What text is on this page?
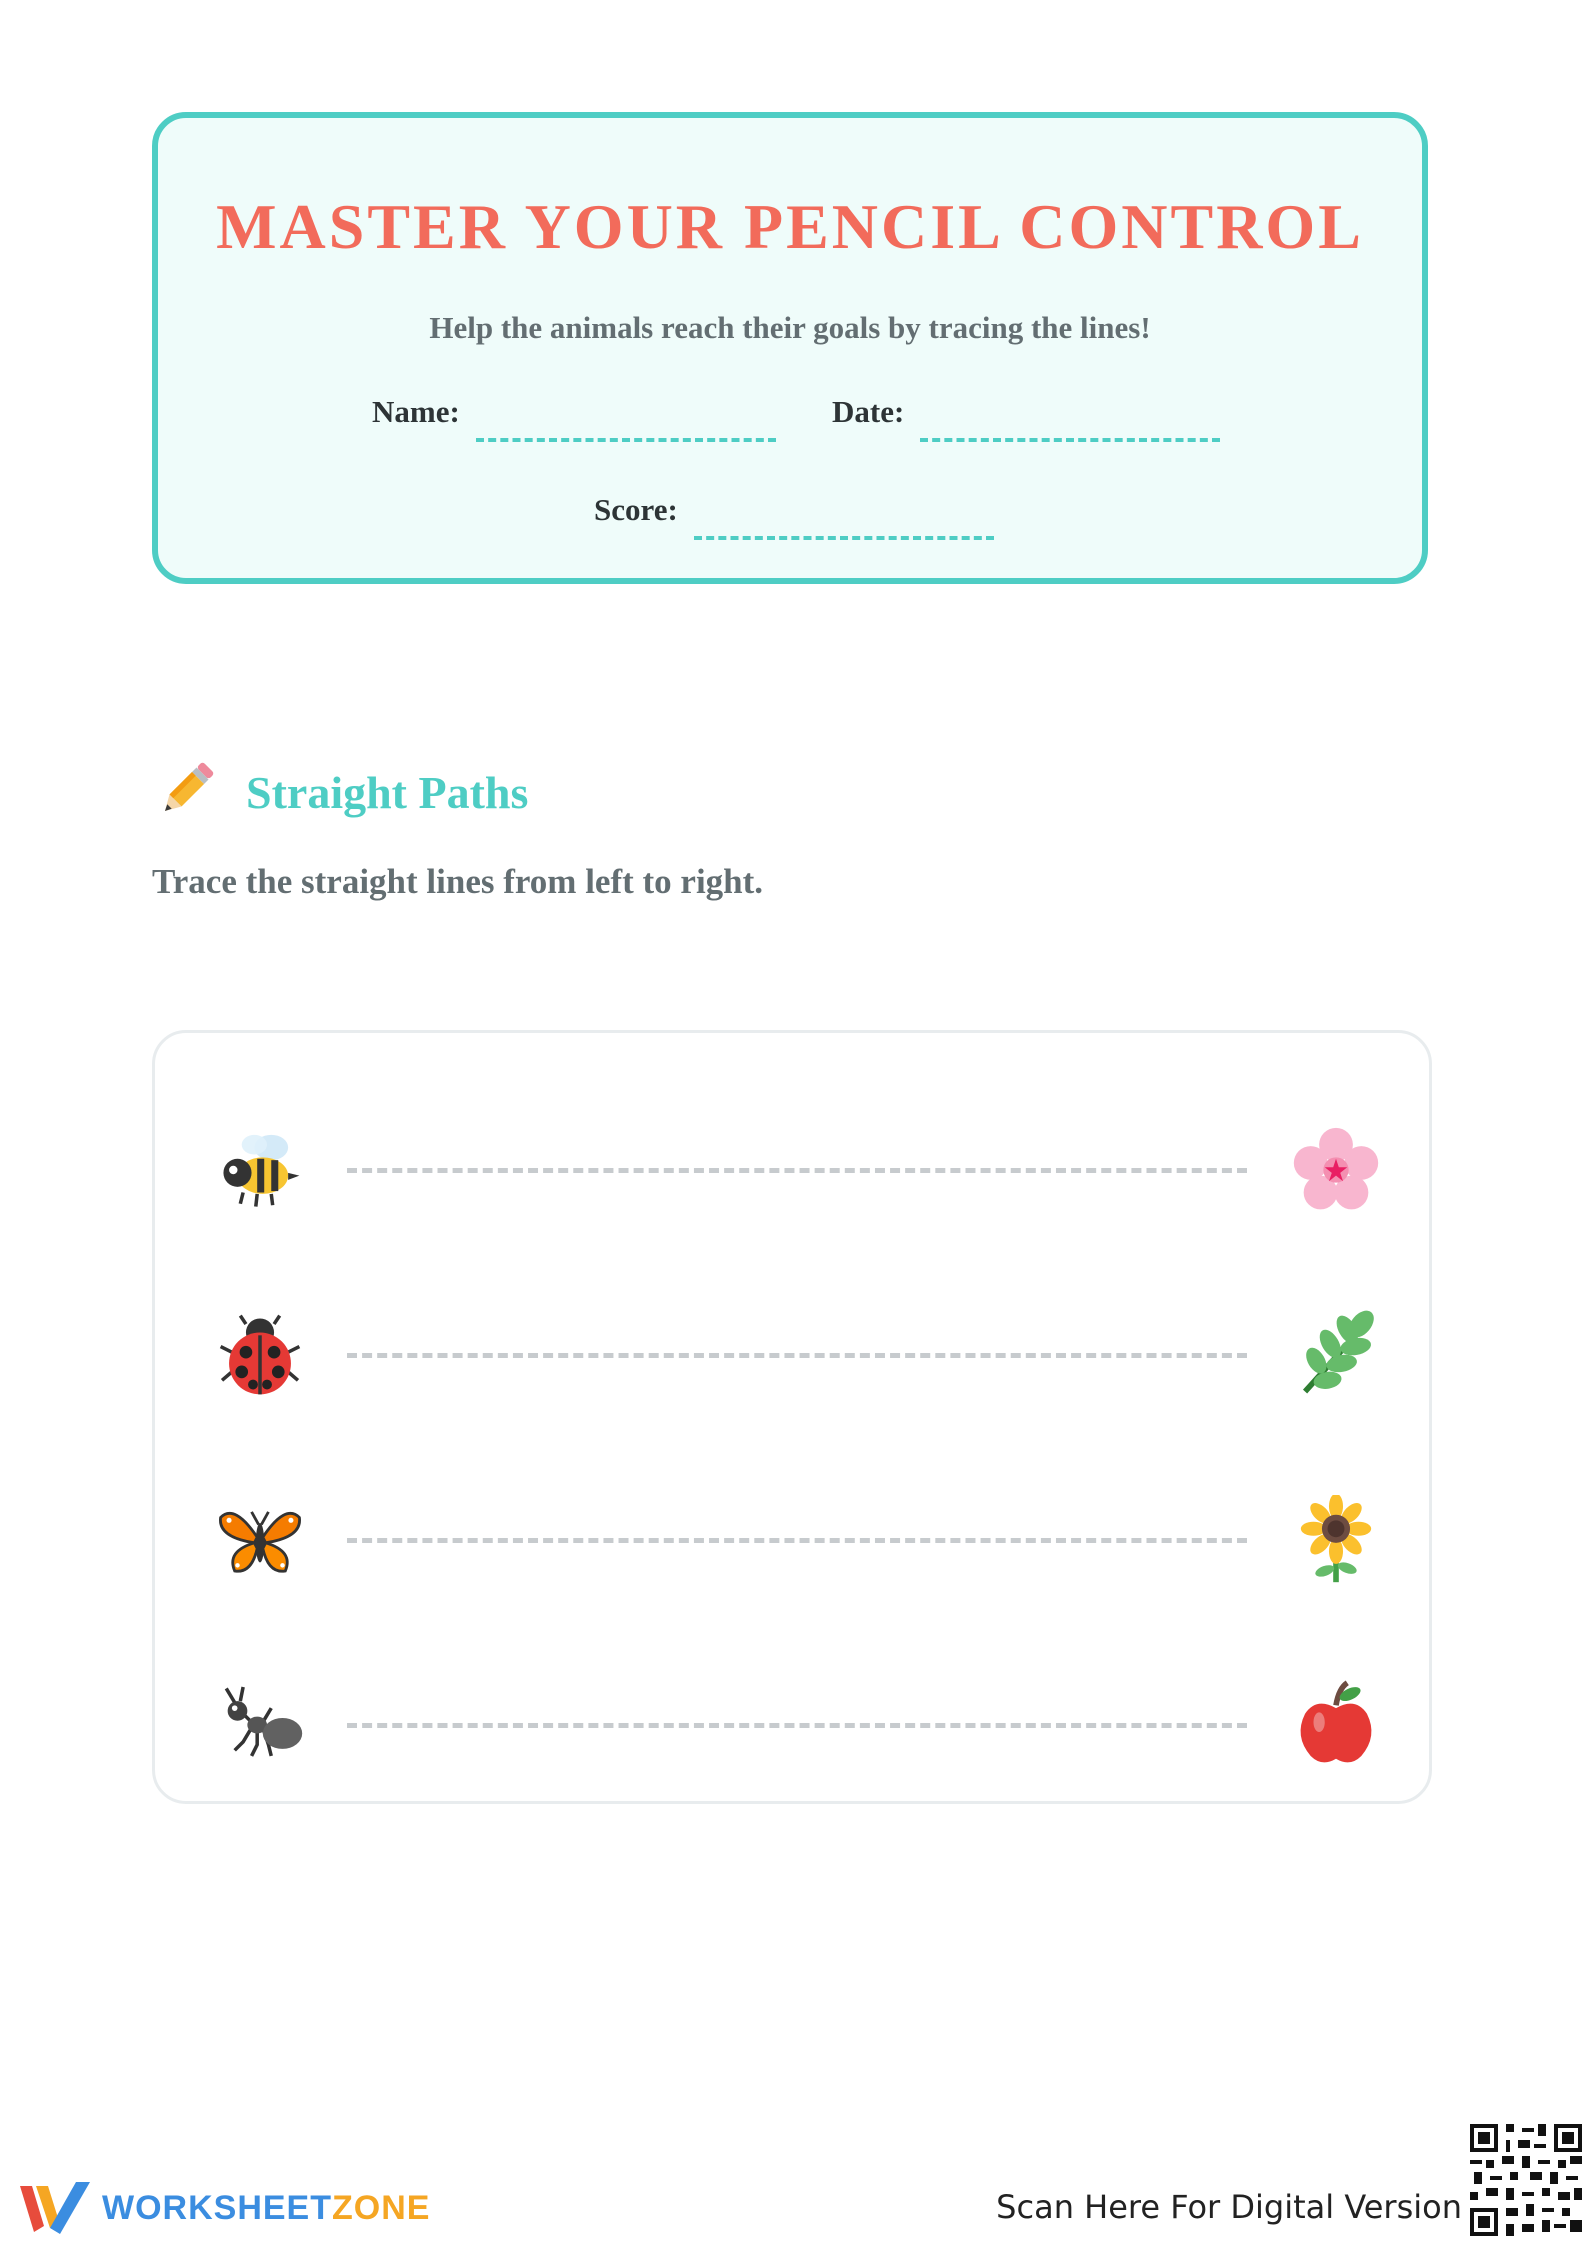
MASTER YOUR PENCIL CONTROL
Help the animals reach their goals by tracing the lines!
Name:	Date:
Score:
Straight Paths
Trace the straight lines from left to right.
WORKSHEETZONE	Scan Here For Digital Version
